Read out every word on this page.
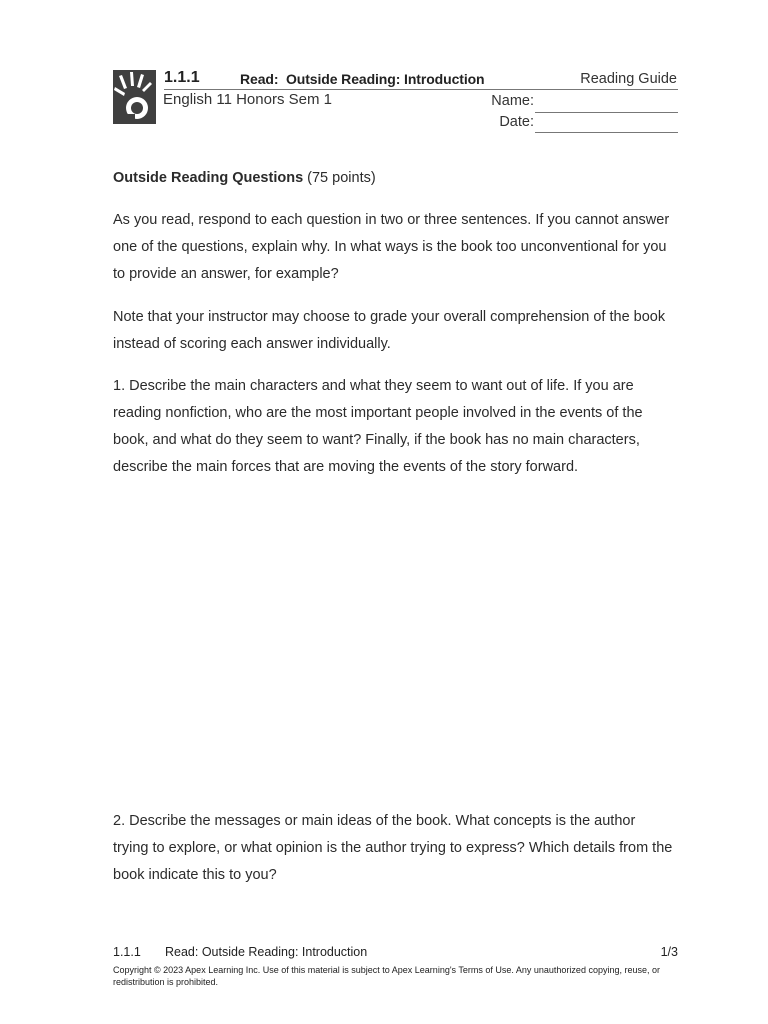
1.1.1	Read:  Outside Reading: Introduction	Reading Guide
English 11 Honors Sem 1	Name:
Date:

Outside Reading Questions (75 points)

As you read, respond to each question in two or three sentences. If you cannot answer one of the questions, explain why. In what ways is the book too unconventional for you to provide an answer, for example?

Note that your instructor may choose to grade your overall comprehension of the book instead of scoring each answer individually.

1. Describe the main characters and what they seem to want out of life. If you are reading nonfiction, who are the most important people involved in the events of the book, and what do they seem to want? Finally, if the book has no main characters, describe the main forces that are moving the events of the story forward.

2. Describe the messages or main ideas of the book. What concepts is the author trying to explore, or what opinion is the author trying to express? Which details from the book indicate this to you?

1.1.1 Read: Outside Reading: Introduction	1/3
Copyright © 2023 Apex Learning Inc. Use of this material is subject to Apex Learning's Terms of Use. Any unauthorized copying, reuse, or redistribution is prohibited.
